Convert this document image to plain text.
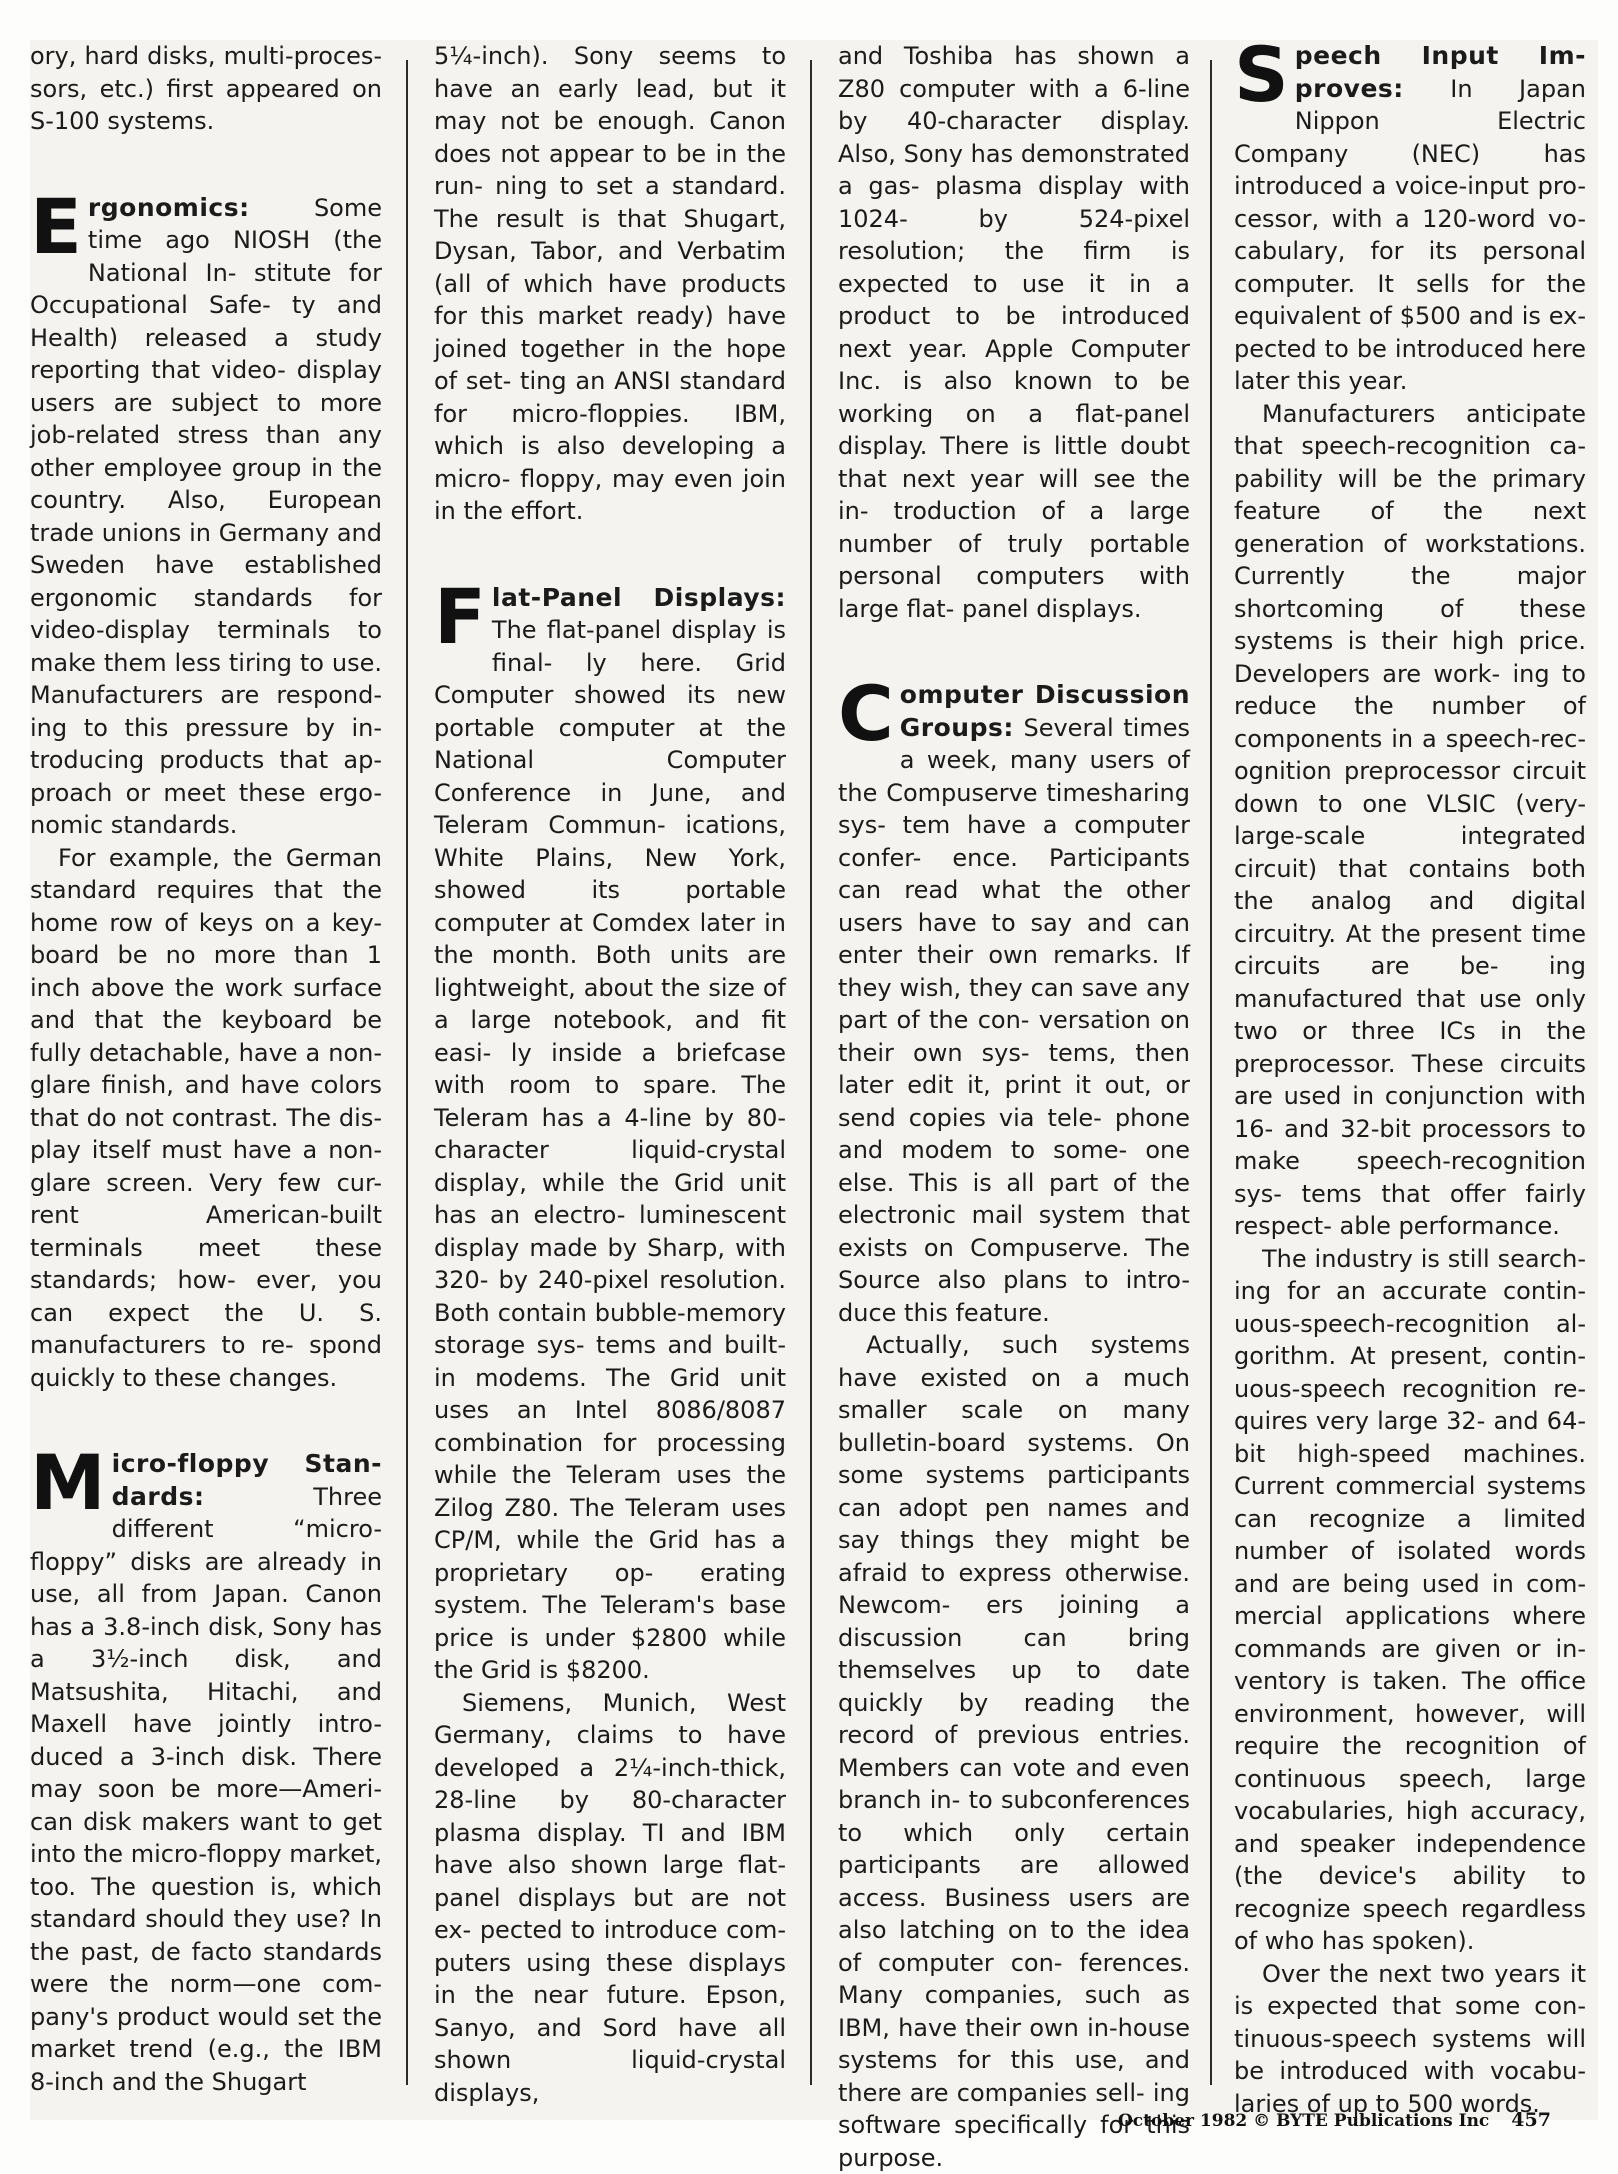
ory, hard disks, multi-proces- sors, etc.) first appeared on S-100 systems.

Ergonomics:	Some time ago NIOSH (the National In- stitute for Occupational Safe- ty and Health) released a study reporting that video- display users are subject to more job-related stress than any other employee group in the country. Also, European trade unions in Germany and Sweden have established ergonomic standards for video-display terminals to make them less tiring to use. Manufacturers are respond- ing to this pressure by in- troducing products that ap- proach or meet these ergo- nomic standards.

For example, the German standard requires that the home row of keys on a key- board be no more than 1 inch above the work surface and that the keyboard be fully detachable, have a non- glare finish, and have colors that do not contrast. The dis- play itself must have a non- glare screen. Very few cur- rent American-built terminals meet these standards; how- ever, you can expect the U. S. manufacturers to re- spond quickly to these changes.

Micro-floppy Stan- dards:	Three different “micro-floppy” disks are already in use, all from Japan. Canon has a 3.8-inch disk, Sony has a 3½-inch disk, and Matsushita, Hitachi, and Maxell have jointly intro- duced a 3-inch disk. There may soon be more—Ameri- can disk makers want to get into the micro-floppy market, too. The question is, which standard should they use? In the past, de facto standards were the norm—one com- pany's product would set the market trend (e.g., the IBM 8-inch and the Shugart

5¼-inch). Sony seems to have an early lead, but it may not be enough. Canon does not appear to be in the run- ning to set a standard. The result is that Shugart, Dysan, Tabor, and Verbatim (all of which have products for this market ready) have joined together in the hope of set- ting an ANSI standard for micro-floppies. IBM, which is also developing a micro- floppy, may even join in the effort.

Flat-Panel Displays: The flat-panel display is final- ly here. Grid Computer showed its new portable computer at the National Computer Conference in June, and Teleram Commun- ications, White Plains, New York, showed its portable computer at Comdex later in the month. Both units are lightweight, about the size of a large notebook, and fit easi- ly inside a briefcase with room to spare. The Teleram has a 4-line by 80-character liquid-crystal display, while the Grid unit has an electro- luminescent display made by Sharp, with 320- by 240-pixel resolution. Both contain bubble-memory storage sys- tems and built-in modems. The Grid unit uses an Intel 8086/8087 combination for processing while the Teleram uses the Zilog Z80. The Teleram uses CP/M, while the Grid has a proprietary op- erating system. The Teleram's base price is under $2800 while the Grid is $8200.

Siemens, Munich, West Germany, claims to have developed a 2¼-inch-thick, 28-line by 80-character plasma display. TI and IBM have also shown large flat- panel displays but are not ex- pected to introduce com- puters using these displays in the near future. Epson, Sanyo, and Sord have all shown liquid-crystal displays,

and Toshiba has shown a Z80 computer with a 6-line by 40-character display. Also, Sony has demonstrated a gas- plasma display with 1024- by 524-pixel resolution; the firm is expected to use it in a product to be introduced next year. Apple Computer Inc. is also known to be working on a flat-panel display. There is little doubt that next year will see the in- troduction of a large number of truly portable personal computers with large flat- panel displays.

Computer Discussion Groups: Several times a week, many users of the Compuserve timesharing sys- tem have a computer confer- ence. Participants can read what the other users have to say and can enter their own remarks. If they wish, they can save any part of the con- versation on their own sys- tems, then later edit it, print it out, or send copies via tele- phone and modem to some- one else. This is all part of the electronic mail system that exists on Compuserve. The Source also plans to intro- duce this feature.

Actually, such systems have existed on a much smaller scale on many bulletin-board systems. On some systems participants can adopt pen names and say things they might be afraid to express otherwise. Newcom- ers joining a discussion can bring themselves up to date quickly by reading the record of previous entries. Members can vote and even branch in- to subconferences to which only certain participants are allowed access. Business users are also latching on to the idea of computer con- ferences. Many companies, such as IBM, have their own in-house systems for this use, and there are companies sell- ing software specifically for this purpose.

Speech Input Im- proves: In Japan Nippon Electric Company (NEC) has introduced a voice-input pro- cessor, with a 120-word vo- cabulary, for its personal computer. It sells for the equivalent of $500 and is ex- pected to be introduced here later this year.

Manufacturers anticipate that speech-recognition ca- pability will be the primary feature of the next generation of workstations. Currently the major shortcoming of these systems is their high price. Developers are work- ing to reduce the number of components in a speech-rec- ognition preprocessor circuit down to one VLSIC (very- large-scale integrated circuit) that contains both the analog and digital circuitry. At the present time circuits are be- ing manufactured that use only two or three ICs in the preprocessor. These circuits are used in conjunction with 16- and 32-bit processors to make speech-recognition sys- tems that offer fairly respect- able performance.

The industry is still search- ing for an accurate contin- uous-speech-recognition al- gorithm. At present, contin- uous-speech recognition re- quires very large 32- and 64-bit high-speed machines. Current commercial systems can recognize a limited number of isolated words and are being used in com- mercial applications where commands are given or in- ventory is taken. The office environment, however, will require the recognition of continuous speech, large vocabularies, high accuracy, and speaker independence (the device's ability to recognize speech regardless of who has spoken).

Over the next two years it is expected that some con- tinuous-speech systems will be introduced with vocabu- laries of up to 500 words.

October 1982 © BYTE Publications Inc 457
